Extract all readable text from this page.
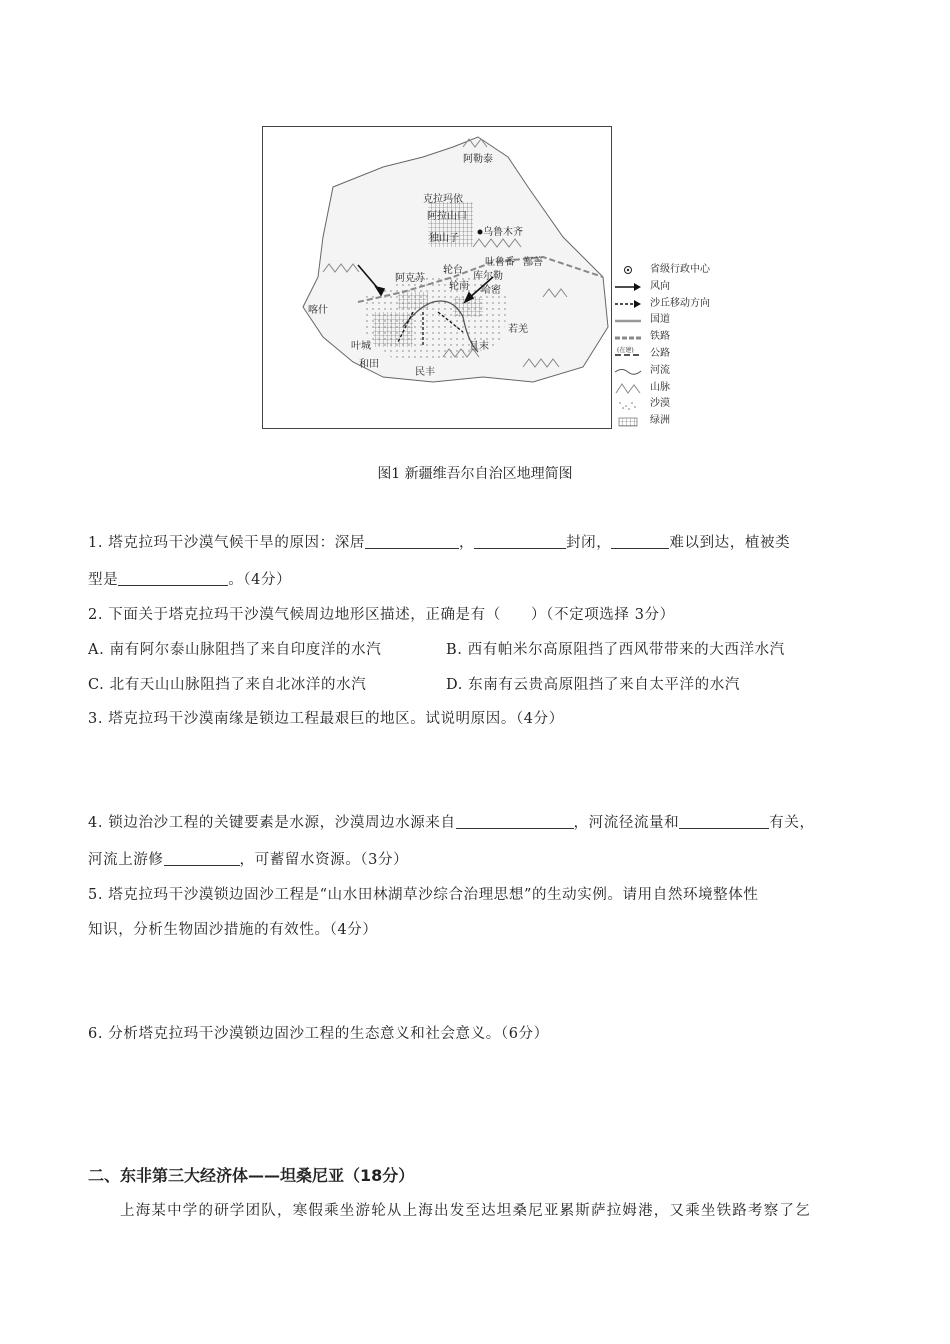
阿勒泰
克拉玛依
阿拉山口
乌鲁木齐
独山子
吐鲁番 鄯善
阿克苏
轮台
库尔勒
轮南
喀什
叶城
和田
民丰
且末
若羌
哈密
省级行政中心
风向
沙丘移动方向
国道
铁路
公路
(在建)
河流
山脉
沙漠
绿洲
图1 新疆维吾尔自治区地理简图
1. 塔克拉玛干沙漠气候干旱的原因：深居	，	封闭，	难以到达，植被类
型是	。（4分）
2. 下面关于塔克拉玛干沙漠气候周边地形区描述，正确是有（　　）（不定项选择 3分）
A. 南有阿尔泰山脉阻挡了来自印度洋的水汽	B. 西有帕米尔高原阻挡了西风带带来的大西洋水汽
C. 北有天山山脉阻挡了来自北冰洋的水汽	D. 东南有云贵高原阻挡了来自太平洋的水汽
3. 塔克拉玛干沙漠南缘是锁边工程最艰巨的地区。试说明原因。（4分）
4. 锁边治沙工程的关键要素是水源，沙漠周边水源来自	，河流径流量和	有关，
河流上游修	，可蓄留水资源。（3分）
5. 塔克拉玛干沙漠锁边固沙工程是“山水田林湖草沙综合治理思想”的生动实例。请用自然环境整体性
知识，分析生物固沙措施的有效性。（4分）
6. 分析塔克拉玛干沙漠锁边固沙工程的生态意义和社会意义。（6分）
二、东非第三大经济体——坦桑尼亚（18分）
上海某中学的研学团队，寒假乘坐游轮从上海出发至达坦桑尼亚累斯萨拉姆港，又乘坐铁路考察了乞
